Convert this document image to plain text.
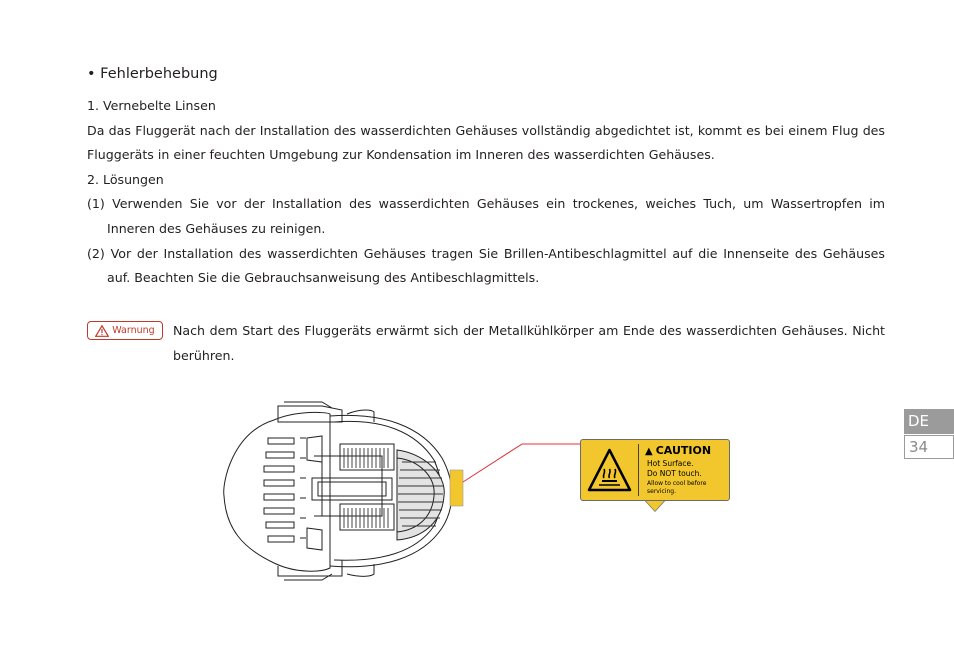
• Fehlerbehebung

1. Vernebelte Linsen

Da das Fluggerät nach der Installation des wasserdichten Gehäuses vollständig abgedichtet ist, kommt es bei einem Flug des Fluggeräts in einer feuchten Umgebung zur Kondensation im Inneren des wasserdichten Gehäuses.

2. Lösungen

(1) Verwenden Sie vor der Installation des wasserdichten Gehäuses ein trockenes, weiches Tuch, um Wassertropfen im Inneren des Gehäuses zu reinigen.

(2) Vor der Installation des wasserdichten Gehäuses tragen Sie Brillen-Antibeschlagmittel auf die Innenseite des Gehäuses auf. Beachten Sie die Gebrauchsanweisung des Antibeschlagmittels.

Warnung Nach dem Start des Fluggeräts erwärmt sich der Metallkühlkörper am Ende des wasserdichten Gehäuses. Nicht berühren.
DE
34
▲ CAUTION
Hot Surface.
Do NOT touch.
Allow to cool before servicing.
